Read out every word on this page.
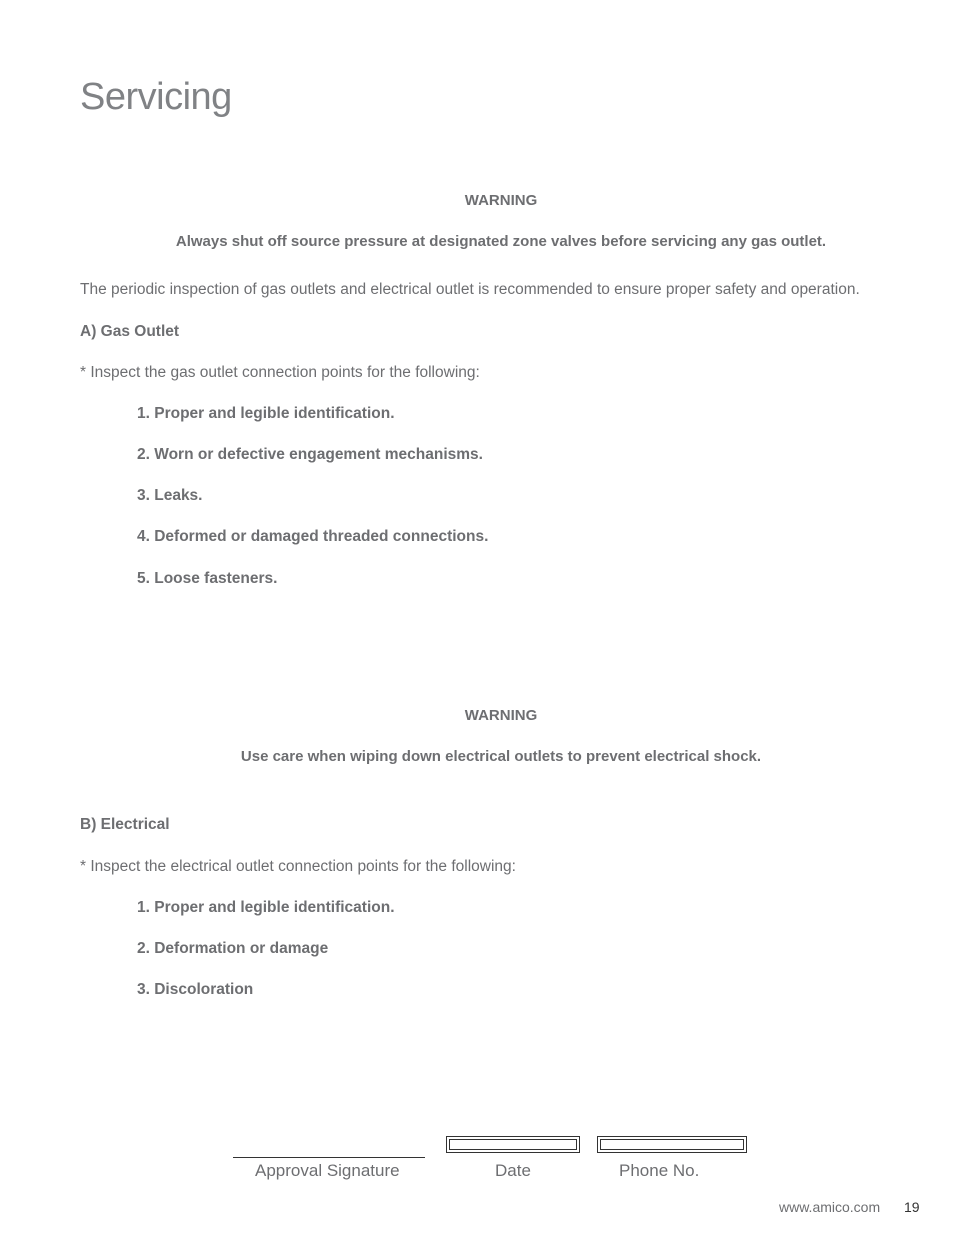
Servicing
WARNING
Always shut off source pressure at designated zone valves before servicing any gas outlet.
The periodic inspection of gas outlets and electrical outlet is recommended to ensure proper safety and operation.
A) Gas Outlet
* Inspect the gas outlet connection points for the following:
1. Proper and legible identification.
2. Worn or defective engagement mechanisms.
3. Leaks.
4. Deformed or damaged threaded connections.
5. Loose fasteners.
WARNING
Use care when wiping down electrical outlets to prevent electrical shock.
B) Electrical
* Inspect the electrical outlet connection points for the following:
1. Proper and legible identification.
2. Deformation or damage
3. Discoloration
Approval Signature	Date	Phone No.
www.amico.com 19
